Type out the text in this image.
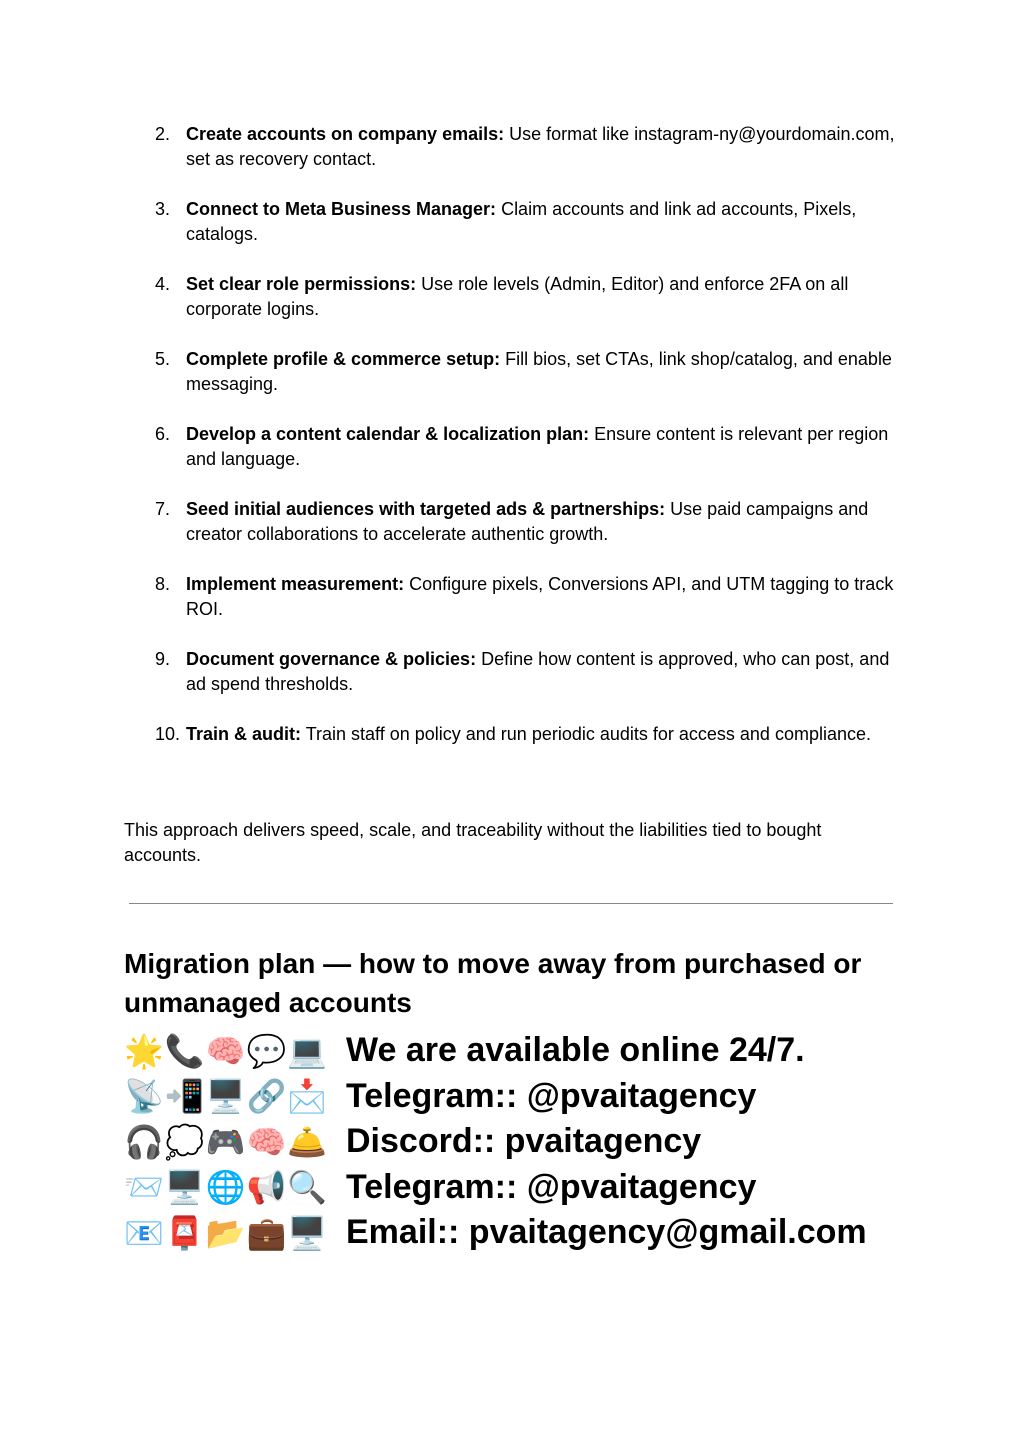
2. Create accounts on company emails: Use format like instagram-ny@yourdomain.com, set as recovery contact.
3. Connect to Meta Business Manager: Claim accounts and link ad accounts, Pixels, catalogs.
4. Set clear role permissions: Use role levels (Admin, Editor) and enforce 2FA on all corporate logins.
5. Complete profile & commerce setup: Fill bios, set CTAs, link shop/catalog, and enable messaging.
6. Develop a content calendar & localization plan: Ensure content is relevant per region and language.
7. Seed initial audiences with targeted ads & partnerships: Use paid campaigns and creator collaborations to accelerate authentic growth.
8. Implement measurement: Configure pixels, Conversions API, and UTM tagging to track ROI.
9. Document governance & policies: Define how content is approved, who can post, and ad spend thresholds.
10. Train & audit: Train staff on policy and run periodic audits for access and compliance.

This approach delivers speed, scale, and traceability without the liabilities tied to bought accounts.

Migration plan — how to move away from purchased or unmanaged accounts
🌟📞🧠💬💻 We are available online 24/7.
📡📲🖥️🔗📩 Telegram:: @pvaitagency
🎧💭🎮🧠🛎️ Discord:: pvaitagency
📨🖥️🌐📢🔍 Telegram:: @pvaitagency
📧📮📂💼🖥️ Email:: pvaitagency@gmail.com
